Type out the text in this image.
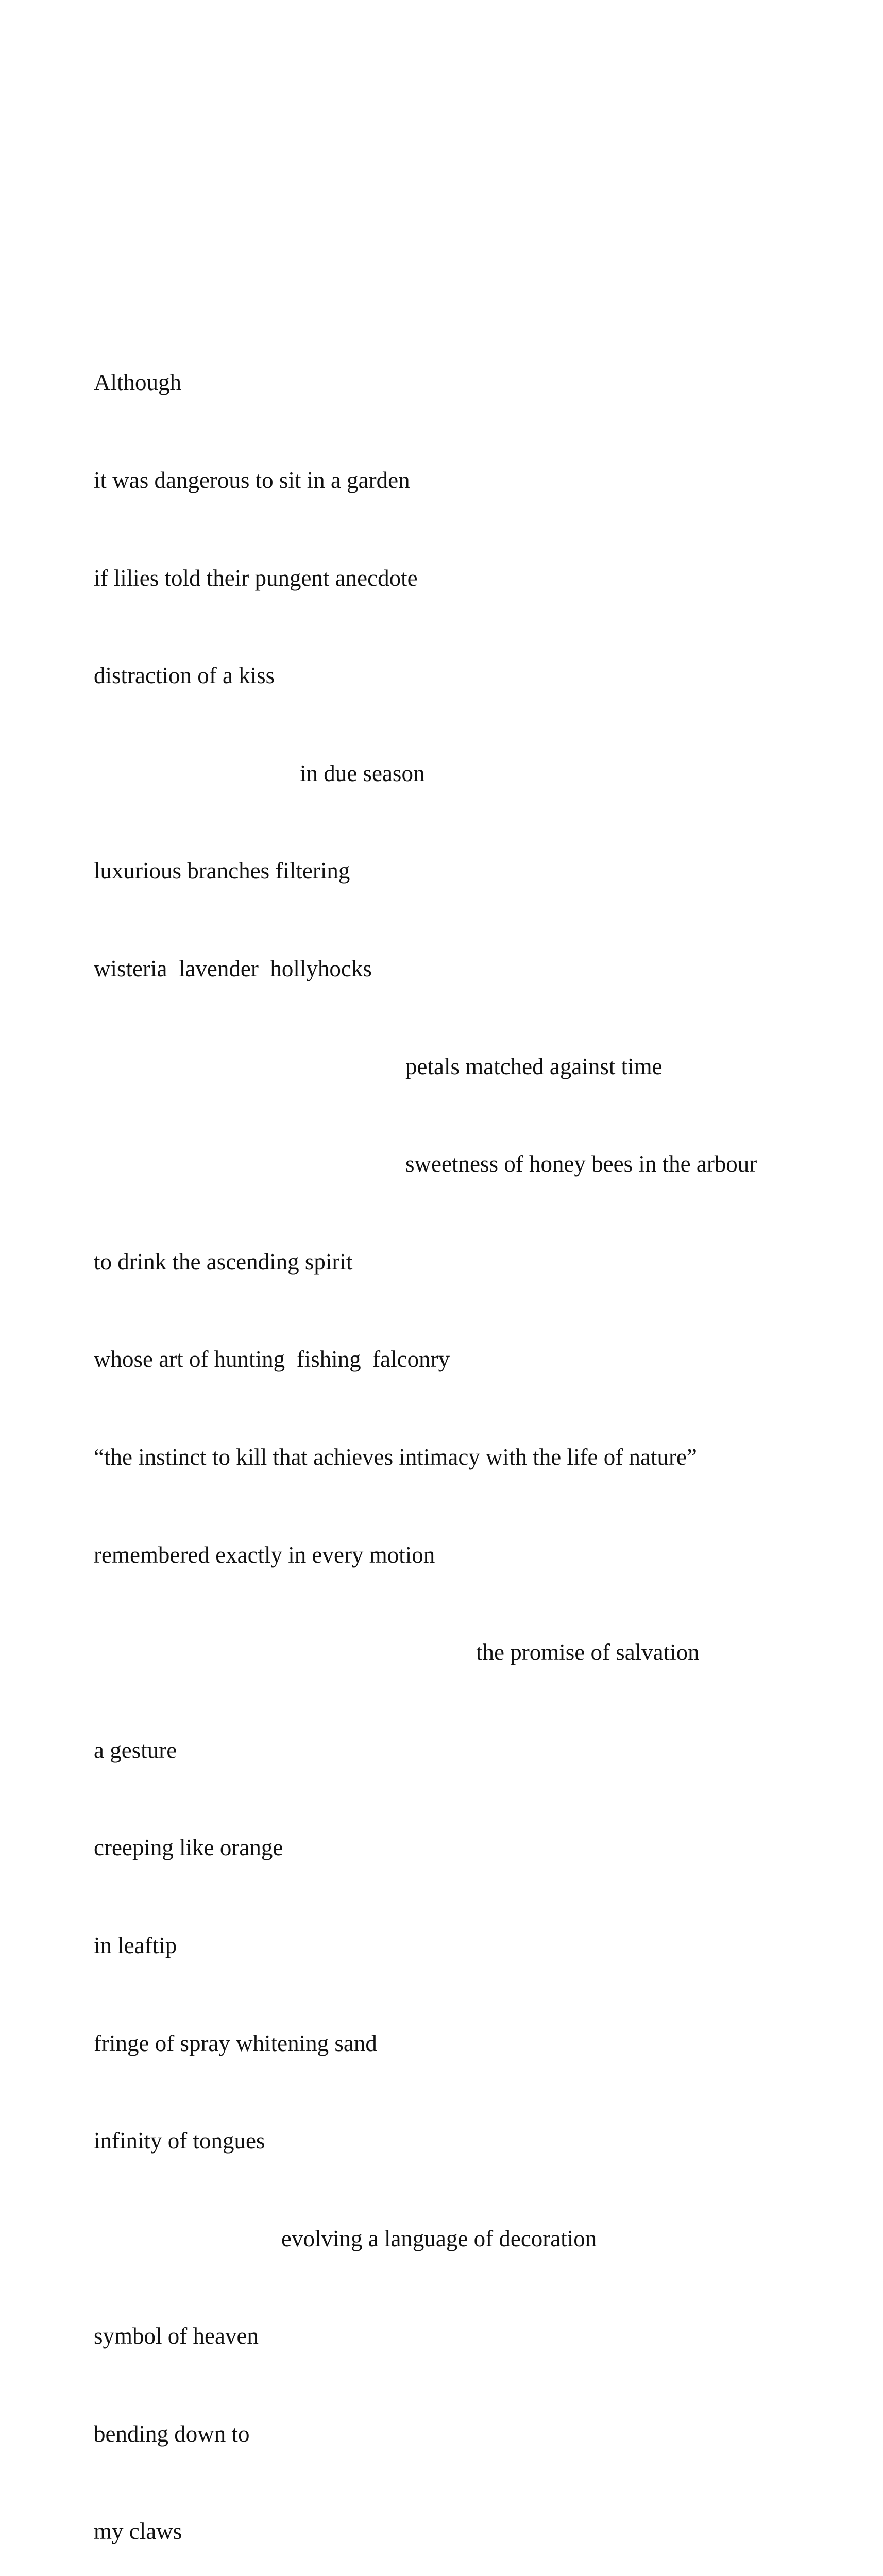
Although

it was dangerous to sit in a garden

if lilies told their pungent anecdote

distraction of a kiss

in due season

luxurious branches filtering

wisteria  lavender  hollyhocks

petals matched against time

sweetness of honey bees in the arbour

to drink the ascending spirit

whose art of hunting  fishing  falconry

“the instinct to kill that achieves intimacy with the life of nature”

remembered exactly in every motion

the promise of salvation

a gesture

creeping like orange

in leaftip

fringe of spray whitening sand

infinity of tongues

evolving a language of decoration

symbol of heaven

bending down to

my claws
